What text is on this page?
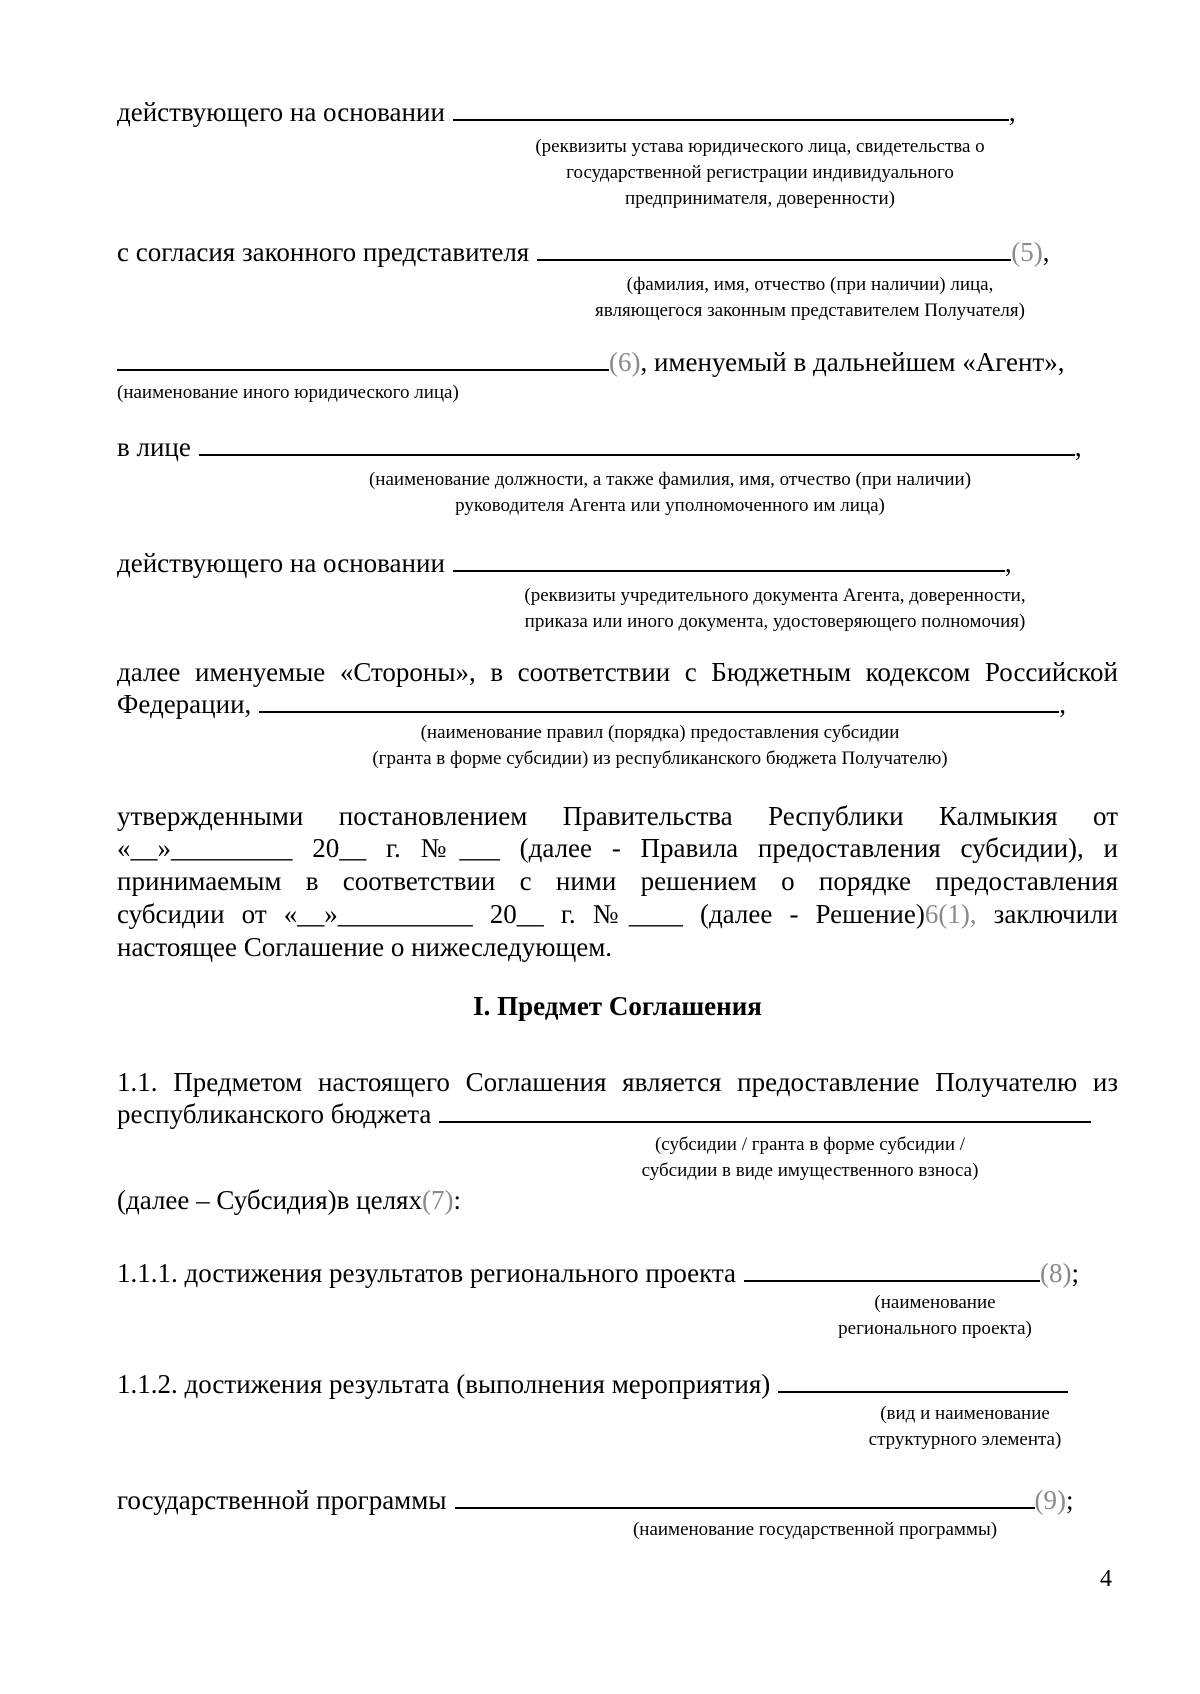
действующего на основании	,
(реквизиты устава юридического лица, свидетельства о
государственной регистрации индивидуального
предпринимателя, доверенности)
с согласия законного представителя	(5),
(фамилия, имя, отчество (при наличии) лица,
являющегося законным представителем Получателя)
(6), именуемый в дальнейшем «Агент»,
(наименование иного юридического лица)
в лице	,
(наименование должности, а также фамилия, имя, отчество (при наличии)
руководителя Агента или уполномоченного им лица)
действующего на основании	,
(реквизиты учредительного документа Агента, доверенности,
приказа или иного документа, удостоверяющего полномочия)
далее именуемые «Стороны», в соответствии с Бюджетным кодексом Российской
Федерации,	,
(наименование правил (порядка) предоставления субсидии
(гранта в форме субсидии) из республиканского бюджета Получателю)
утвержденными постановлением Правительства Республики Калмыкия от
«__»_________ 20__ г. №___ (далее - Правила предоставления субсидии), и
принимаемым в соответствии с ними решением о порядке предоставления
субсидии от «__»__________ 20__ г. №____ (далее - Решение)6(1), заключили
настоящее Соглашение о нижеследующем.
I. Предмет Соглашения
1.1. Предметом настоящего Соглашения является предоставление Получателю из
республиканского бюджета
(субсидии / гранта в форме субсидии /
субсидии в виде имущественного взноса)
(далее – Субсидия)в целях(7):
1.1.1. достижения результатов регионального проекта	(8);
(наименование
регионального проекта)
1.1.2. достижения результата (выполнения мероприятия)
(вид и наименование
структурного элемента)
государственной программы	(9);
(наименование государственной программы)
4
